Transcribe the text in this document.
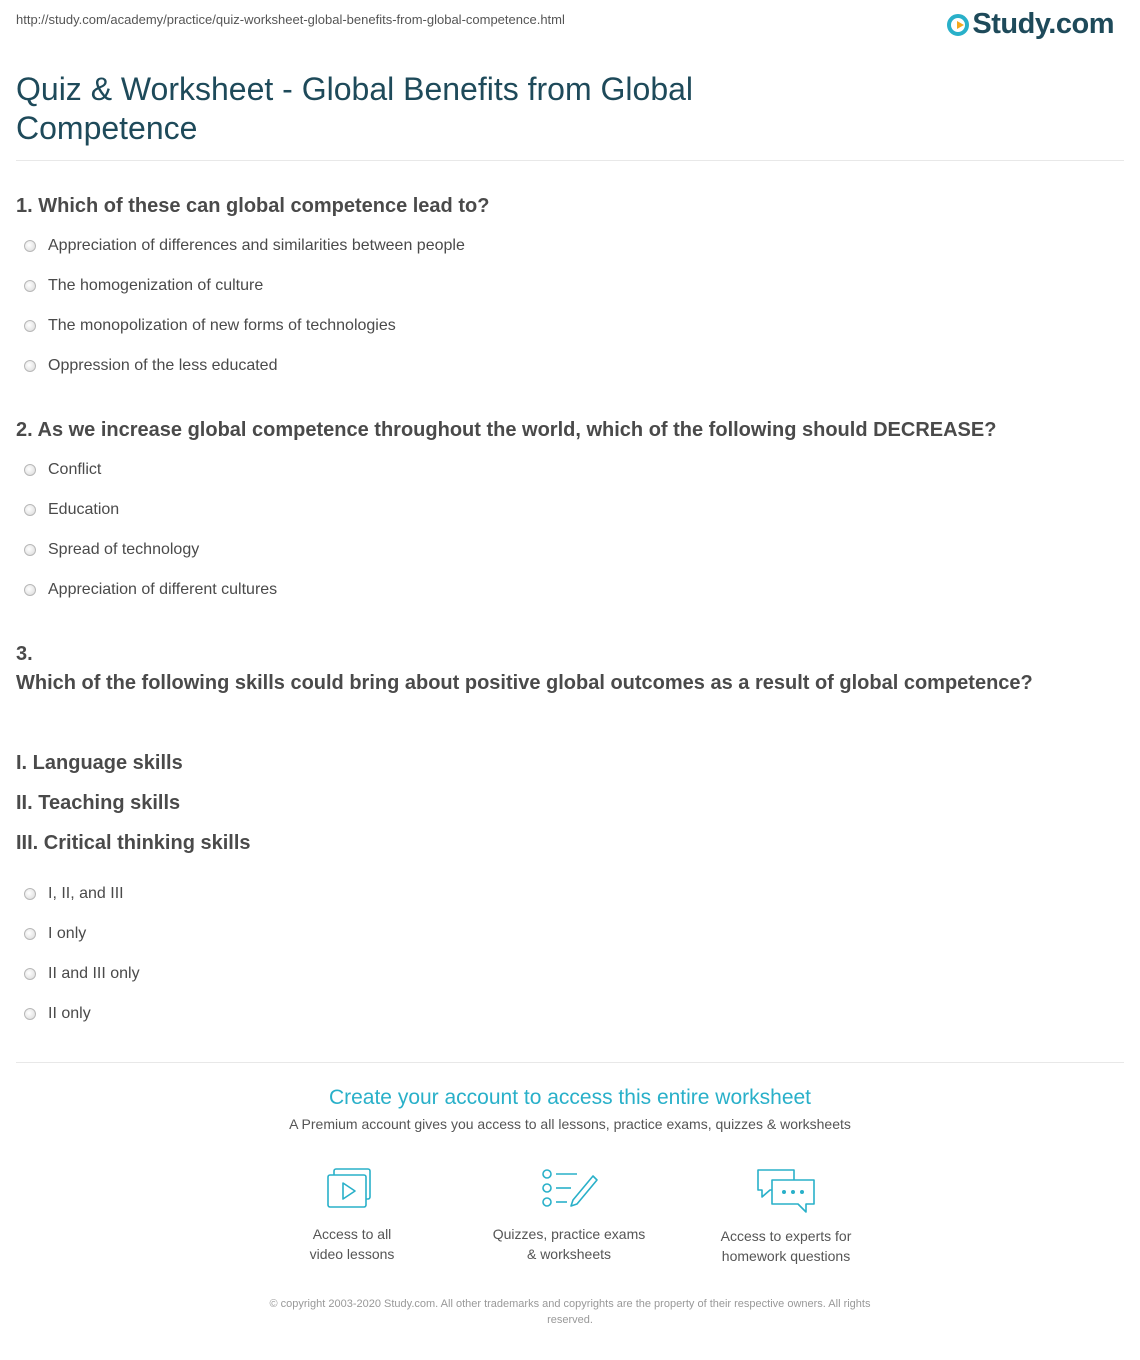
http://study.com/academy/practice/quiz-worksheet-global-benefits-from-global-competence.html	Study.com
Quiz & Worksheet - Global Benefits from Global Competence
1. Which of these can global competence lead to?
Appreciation of differences and similarities between people
The homogenization of culture
The monopolization of new forms of technologies
Oppression of the less educated
2. As we increase global competence throughout the world, which of the following should DECREASE?
Conflict
Education
Spread of technology
Appreciation of different cultures
3.
Which of the following skills could bring about positive global outcomes as a result of global competence?
I. Language skills
II. Teaching skills
III. Critical thinking skills
I, II, and III
I only
II and III only
II only
Create your account to access this entire worksheet
A Premium account gives you access to all lessons, practice exams, quizzes & worksheets
Access to all
video lessons
Quizzes, practice exams
& worksheets
Access to experts for
homework questions
© copyright 2003-2020 Study.com. All other trademarks and copyrights are the property of their respective owners. All rights
reserved.
